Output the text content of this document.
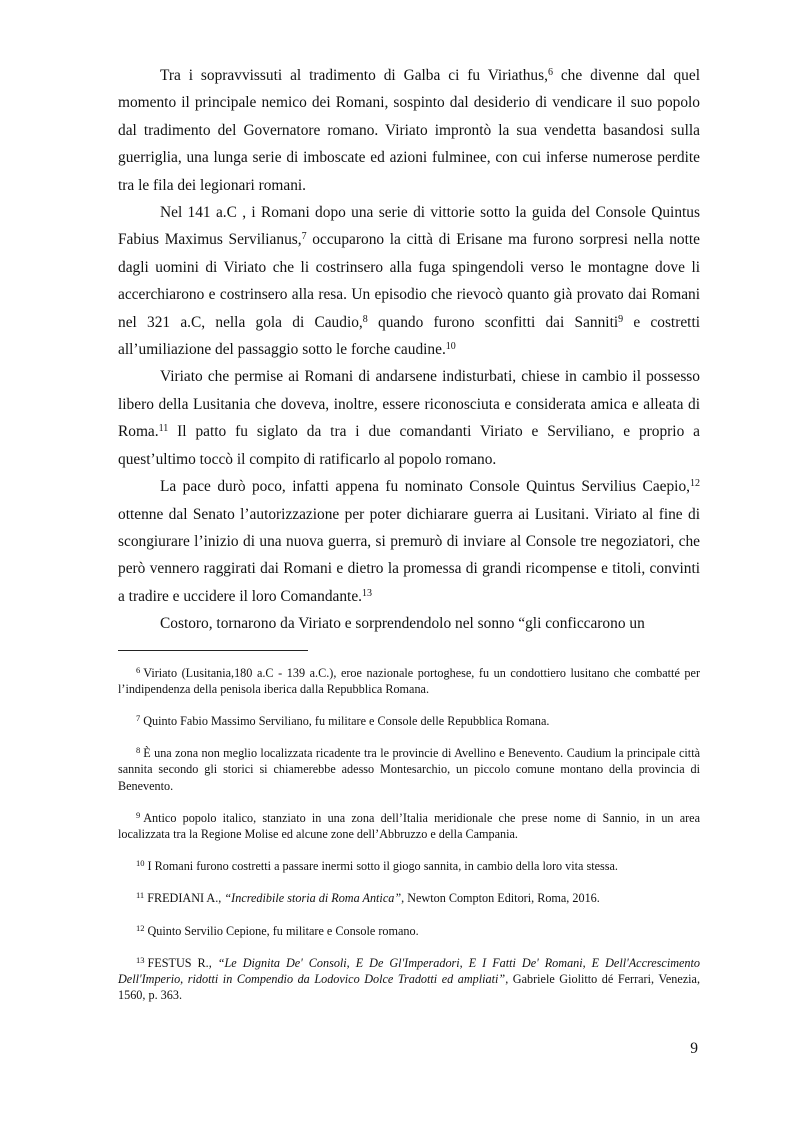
Tra i sopravvissuti al tradimento di Galba ci fu Viriathus,$^6$ che divenne dal quel momento il principale nemico dei Romani, sospinto dal desiderio di vendicare il suo popolo dal tradimento del Governatore romano. Viriato improntò la sua vendetta basandosi sulla guerriglia, una lunga serie di imboscate ed azioni fulminee, con cui inferse numerose perdite tra le fila dei legionari romani.

Nel 141 a.C , i Romani dopo una serie di vittorie sotto la guida del Console Quintus Fabius Maximus Servilianus,$^7$ occuparono la città di Erisane ma furono sorpresi nella notte dagli uomini di Viriato che li costrinsero alla fuga spingendoli verso le montagne dove li accerchiarono e costrinsero alla resa. Un episodio che rievocò quanto già provato dai Romani nel 321 a.C, nella gola di Caudio,$^8$ quando furono sconfitti dai Sanniti$^9$ e costretti all’umiliazione del passaggio sotto le forche caudine.$^{10}$

Viriato che permise ai Romani di andarsene indisturbati, chiese in cambio il possesso libero della Lusitania che doveva, inoltre, essere riconosciuta e considerata amica e alleata di Roma.$^{11}$ Il patto fu siglato da tra i due comandanti Viriato e Serviliano, e proprio a quest’ultimo toccò il compito di ratificarlo al popolo romano.

La pace durò poco, infatti appena fu nominato Console Quintus Servilius Caepio,$^{12}$ ottenne dal Senato l’autorizzazione per poter dichiarare guerra ai Lusitani. Viriato al fine di scongiurare l’inizio di una nuova guerra, si premurò di inviare al Console tre negoziatori, che però vennero raggirati dai Romani e dietro la promessa di grandi ricompense e titoli, convinti a tradire e uccidere il loro Comandante.$^{13}$

Costoro, tornarono da Viriato e sorprendendolo nel sonno “gli conficcarono un

$^6$ Viriato (Lusitania,180 a.C - 139 a.C.), eroe nazionale portoghese, fu un condottiero lusitano che combatté per l’indipendenza della penisola iberica dalla Repubblica Romana.

$^7$ Quinto Fabio Massimo Serviliano, fu militare e Console delle Repubblica Romana.

$^8$ È una zona non meglio localizzata ricadente tra le provincie di Avellino e Benevento. Caudium la principale città sannita secondo gli storici si chiamerebbe adesso Montesarchio, un piccolo comune montano della provincia di Benevento.

$^9$ Antico popolo italico, stanziato in una zona dell’Italia meridionale che prese nome di Sannio, in un area localizzata tra la Regione Molise ed alcune zone dell’Abbruzzo e della Campania.

$^{10}$ I Romani furono costretti a passare inermi sotto il giogo sannita, in cambio della loro vita stessa.

$^{11}$ FREDIANI A., “Incredibile storia di Roma Antica”, Newton Compton Editori, Roma, 2016.

$^{12}$ Quinto Servilio Cepione, fu militare e Console romano.

$^{13}$ FESTUS R., “Le Dignita De' Consoli, E De Gl'Imperadori, E I Fatti De' Romani, E Dell'Accrescimento Dell'Imperio, ridotti in Compendio da Lodovico Dolce Tradotti ed ampliati”, Gabriele Giolitto dé Ferrari, Venezia, 1560, p. 363.

9
